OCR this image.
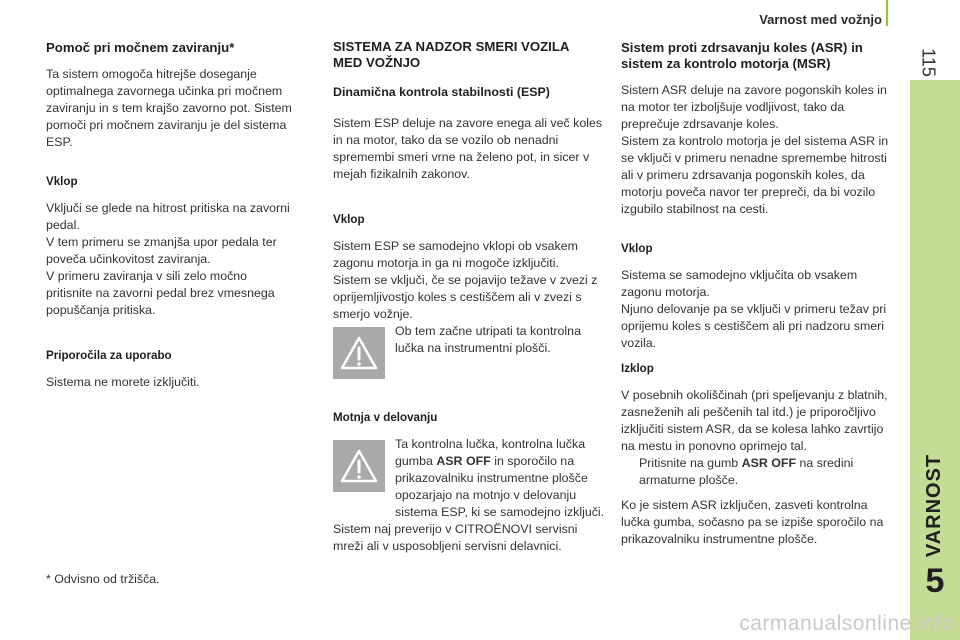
Varnost med vožnjo
115
VARNOST
5
Pomoč pri močnem zaviranju*

Ta sistem omogoča hitrejše doseganje optimalnega zavornega učinka pri močnem zaviranju in s tem krajšo zavorno pot. Sistem pomoči pri močnem zaviranju je del sistema ESP.

Vklop

Vključi se glede na hitrost pritiska na zavorni pedal.

V tem primeru se zmanjša upor pedala ter poveča učinkovitost zaviranja.

V primeru zaviranja v sili zelo močno pritisnite na zavorni pedal brez vmesnega popuščanja pritiska.

Priporočila za uporabo

Sistema ne morete izključiti.

SISTEMA ZA NADZOR SMERI VOZILA
MED VOŽNJO
Dinamična kontrola stabilnosti (ESP)

Sistem ESP deluje na zavore enega ali več koles in na motor, tako da se vozilo ob nenadni spremembi smeri vrne na želeno pot, in sicer v mejah fizikalnih zakonov.

Vklop

Sistem ESP se samodejno vklopi ob vsakem zagonu motorja in ga ni mogoče izključiti.

Sistem se vključi, če se pojavijo težave v zvezi z oprijemljivostjo koles s cestiščem ali v zvezi s smerjo vožnje.

Ob tem začne utripati ta kontrolna lučka na instrumentni plošči.

Motnja v delovanju

Ta kontrolna lučka, kontrolna lučka gumba ASR OFF in sporočilo na prikazovalniku instrumentne plošče opozarjajo na motnjo v delovanju sistema ESP, ki se samodejno izključi.

Sistem naj preverijo v CITROËNOVI servisni mreži ali v usposobljeni servisni delavnici.

Sistem proti zdrsavanju koles (ASR) in sistem za kontrolo motorja (MSR)

Sistem ASR deluje na zavore pogonskih koles in na motor ter izboljšuje vodljivost, tako da preprečuje zdrsavanje koles.

Sistem za kontrolo motorja je del sistema ASR in se vključi v primeru nenadne spremembe hitrosti ali v primeru zdrsavanja pogonskih koles, da motorju poveča navor ter prepreči, da bi vozilo izgubilo stabilnost na cesti.

Vklop

Sistema se samodejno vključita ob vsakem zagonu motorja.

Njuno delovanje pa se vključi v primeru težav pri oprijemu koles s cestiščem ali pri nadzoru smeri vozila.

Izklop

V posebnih okoliščinah (pri speljevanju z blatnih, zasneženih ali peščenih tal itd.) je priporočljivo izključiti sistem ASR, da se kolesa lahko zavrtijo na mestu in ponovno oprimejo tal.

Pritisnite na gumb ASR OFF na sredini armaturne plošče.

Ko je sistem ASR izključen, zasveti kontrolna lučka gumba, sočasno pa se izpiše sporočilo na prikazovalniku instrumentne plošče.

* Odvisno od tržišča.
carmanualsonline.info
